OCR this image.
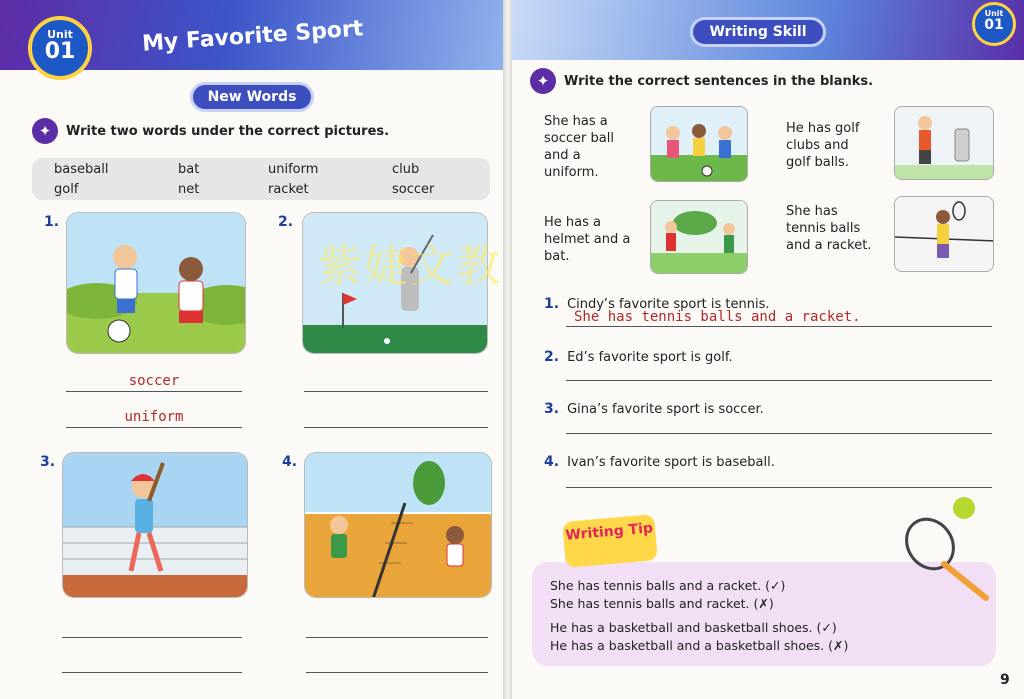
Unit
01	My Favorite Sport
New Words
✦	Write two words under the correct pictures.
baseball	bat	uniform	club
golf	net	racket	soccer
1.
soccer
uniform
2.
3.	4.
紫婕文教
Writing Skill
Unit
01
✦	Write the correct sentences in the blanks.
She has a soccer ball and a uniform.
He has golf clubs and golf balls.
He has a helmet and a bat.
She has tennis balls and a racket.
1. Cindy’s favorite sport is tennis.
She has tennis balls and a racket.
2. Ed’s favorite sport is golf.
3. Gina’s favorite sport is soccer.
4. Ivan’s favorite sport is baseball.
She has tennis balls and a racket. (✓)
She has tennis balls and racket. (✗)
He has a basketball and basketball shoes. (✓)
He has a basketball and a basketball shoes. (✗)
Writing Tip
9
